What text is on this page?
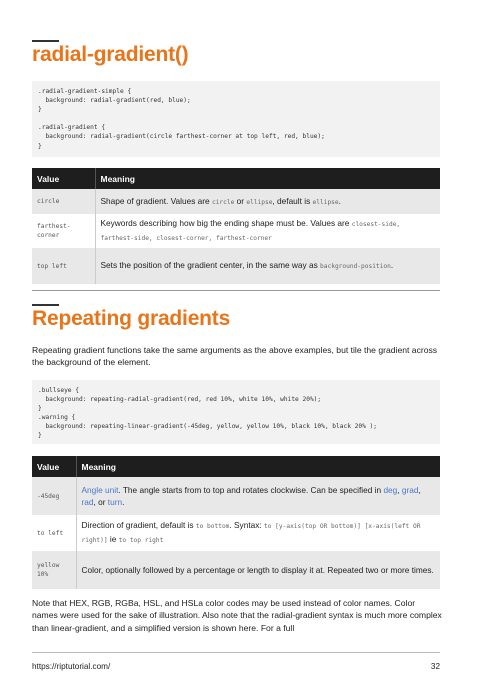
radial-gradient()
.radial-gradient-simple {
background: radial-gradient(red, blue);
}
.radial-gradient {
background: radial-gradient(circle farthest-corner at top left, red, blue);
}
Value	Meaning
circle	Shape of gradient. Values are circle or ellipse, default is ellipse.
farthest-
corner	Keywords describing how big the ending shape must be. Values are closest-side, farthest-side, closest-corner, farthest-corner
top left	Sets the position of the gradient center, in the same way as background-position.
Repeating gradients
Repeating gradient functions take the same arguments as the above examples, but tile the gradient across the background of the element.
.bullseye {
background: repeating-radial-gradient(red, red 10%, white 10%, white 20%);
}
.warning {
background: repeating-linear-gradient(-45deg, yellow, yellow 10%, black 10%, black 20% );
}
Value	Meaning
-45deg	Angle unit. The angle starts from to top and rotates clockwise. Can be specified in deg, grad, rad, or turn.
to left	Direction of gradient, default is to bottom. Syntax: to [y-axis(top OR bottom)] [x-axis(left OR right)] ie to top right
yellow
10%	Color, optionally followed by a percentage or length to display it at. Repeated two or more times.
Note that HEX, RGB, RGBa, HSL, and HSLa color codes may be used instead of color names. Color names were used for the sake of illustration. Also note that the radial-gradient syntax is much more complex than linear-gradient, and a simplified version is shown here. For a full
https://riptutorial.com/	32
